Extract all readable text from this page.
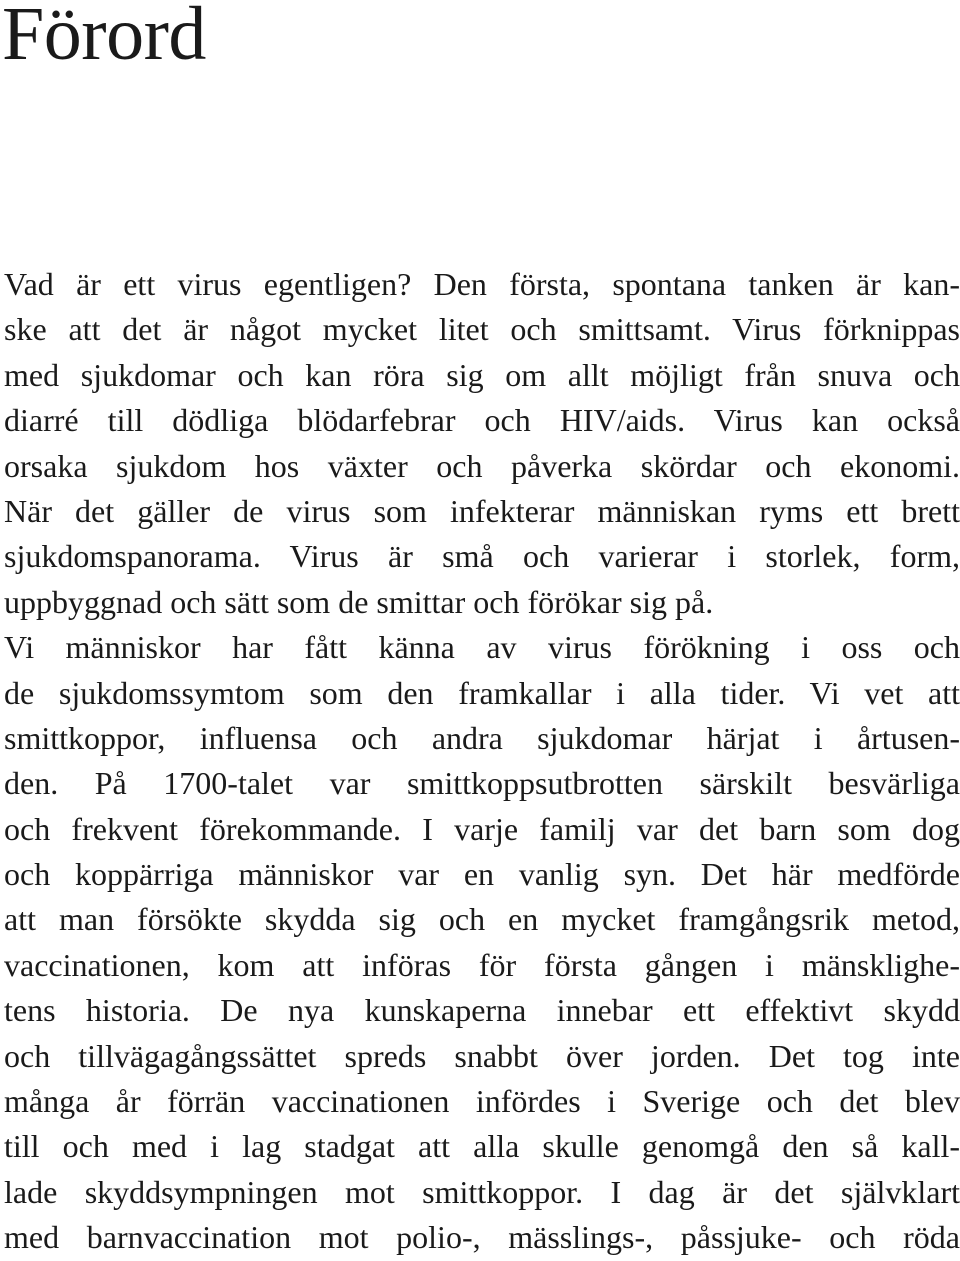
Förord
Vad är ett virus egentligen? Den första, spontana tanken är kan-
ske att det är något mycket litet och smittsamt. Virus förknippas
med sjukdomar och kan röra sig om allt möjligt från snuva och
diarré till dödliga blödarfebrar och HIV/aids. Virus kan också
orsaka sjukdom hos växter och påverka skördar och ekonomi.
När det gäller de virus som infekterar människan ryms ett brett
sjukdomspanorama. Virus är små och varierar i storlek, form,
uppbyggnad och sätt som de smittar och förökar sig på.
Vi människor har fått känna av virus förökning i oss och
de sjukdomssymtom som den framkallar i alla tider. Vi vet att
smittkoppor, influensa och andra sjukdomar härjat i årtusen-
den. På 1700-talet var smittkoppsutbrotten särskilt besvärliga
och frekvent förekommande. I varje familj var det barn som dog
och koppärriga människor var en vanlig syn. Det här medförde
att man försökte skydda sig och en mycket framgångsrik metod,
vaccinationen, kom att införas för första gången i mänsklighe-
tens historia. De nya kunskaperna innebar ett effektivt skydd
och tillvägagångssättet spreds snabbt över jorden. Det tog inte
många år förrän vaccinationen infördes i Sverige och det blev
till och med i lag stadgat att alla skulle genomgå den så kall-
lade skyddsympningen mot smittkoppor. I dag är det självklart
med barnvaccination mot polio-, mässlings-, påssjuke- och röda
